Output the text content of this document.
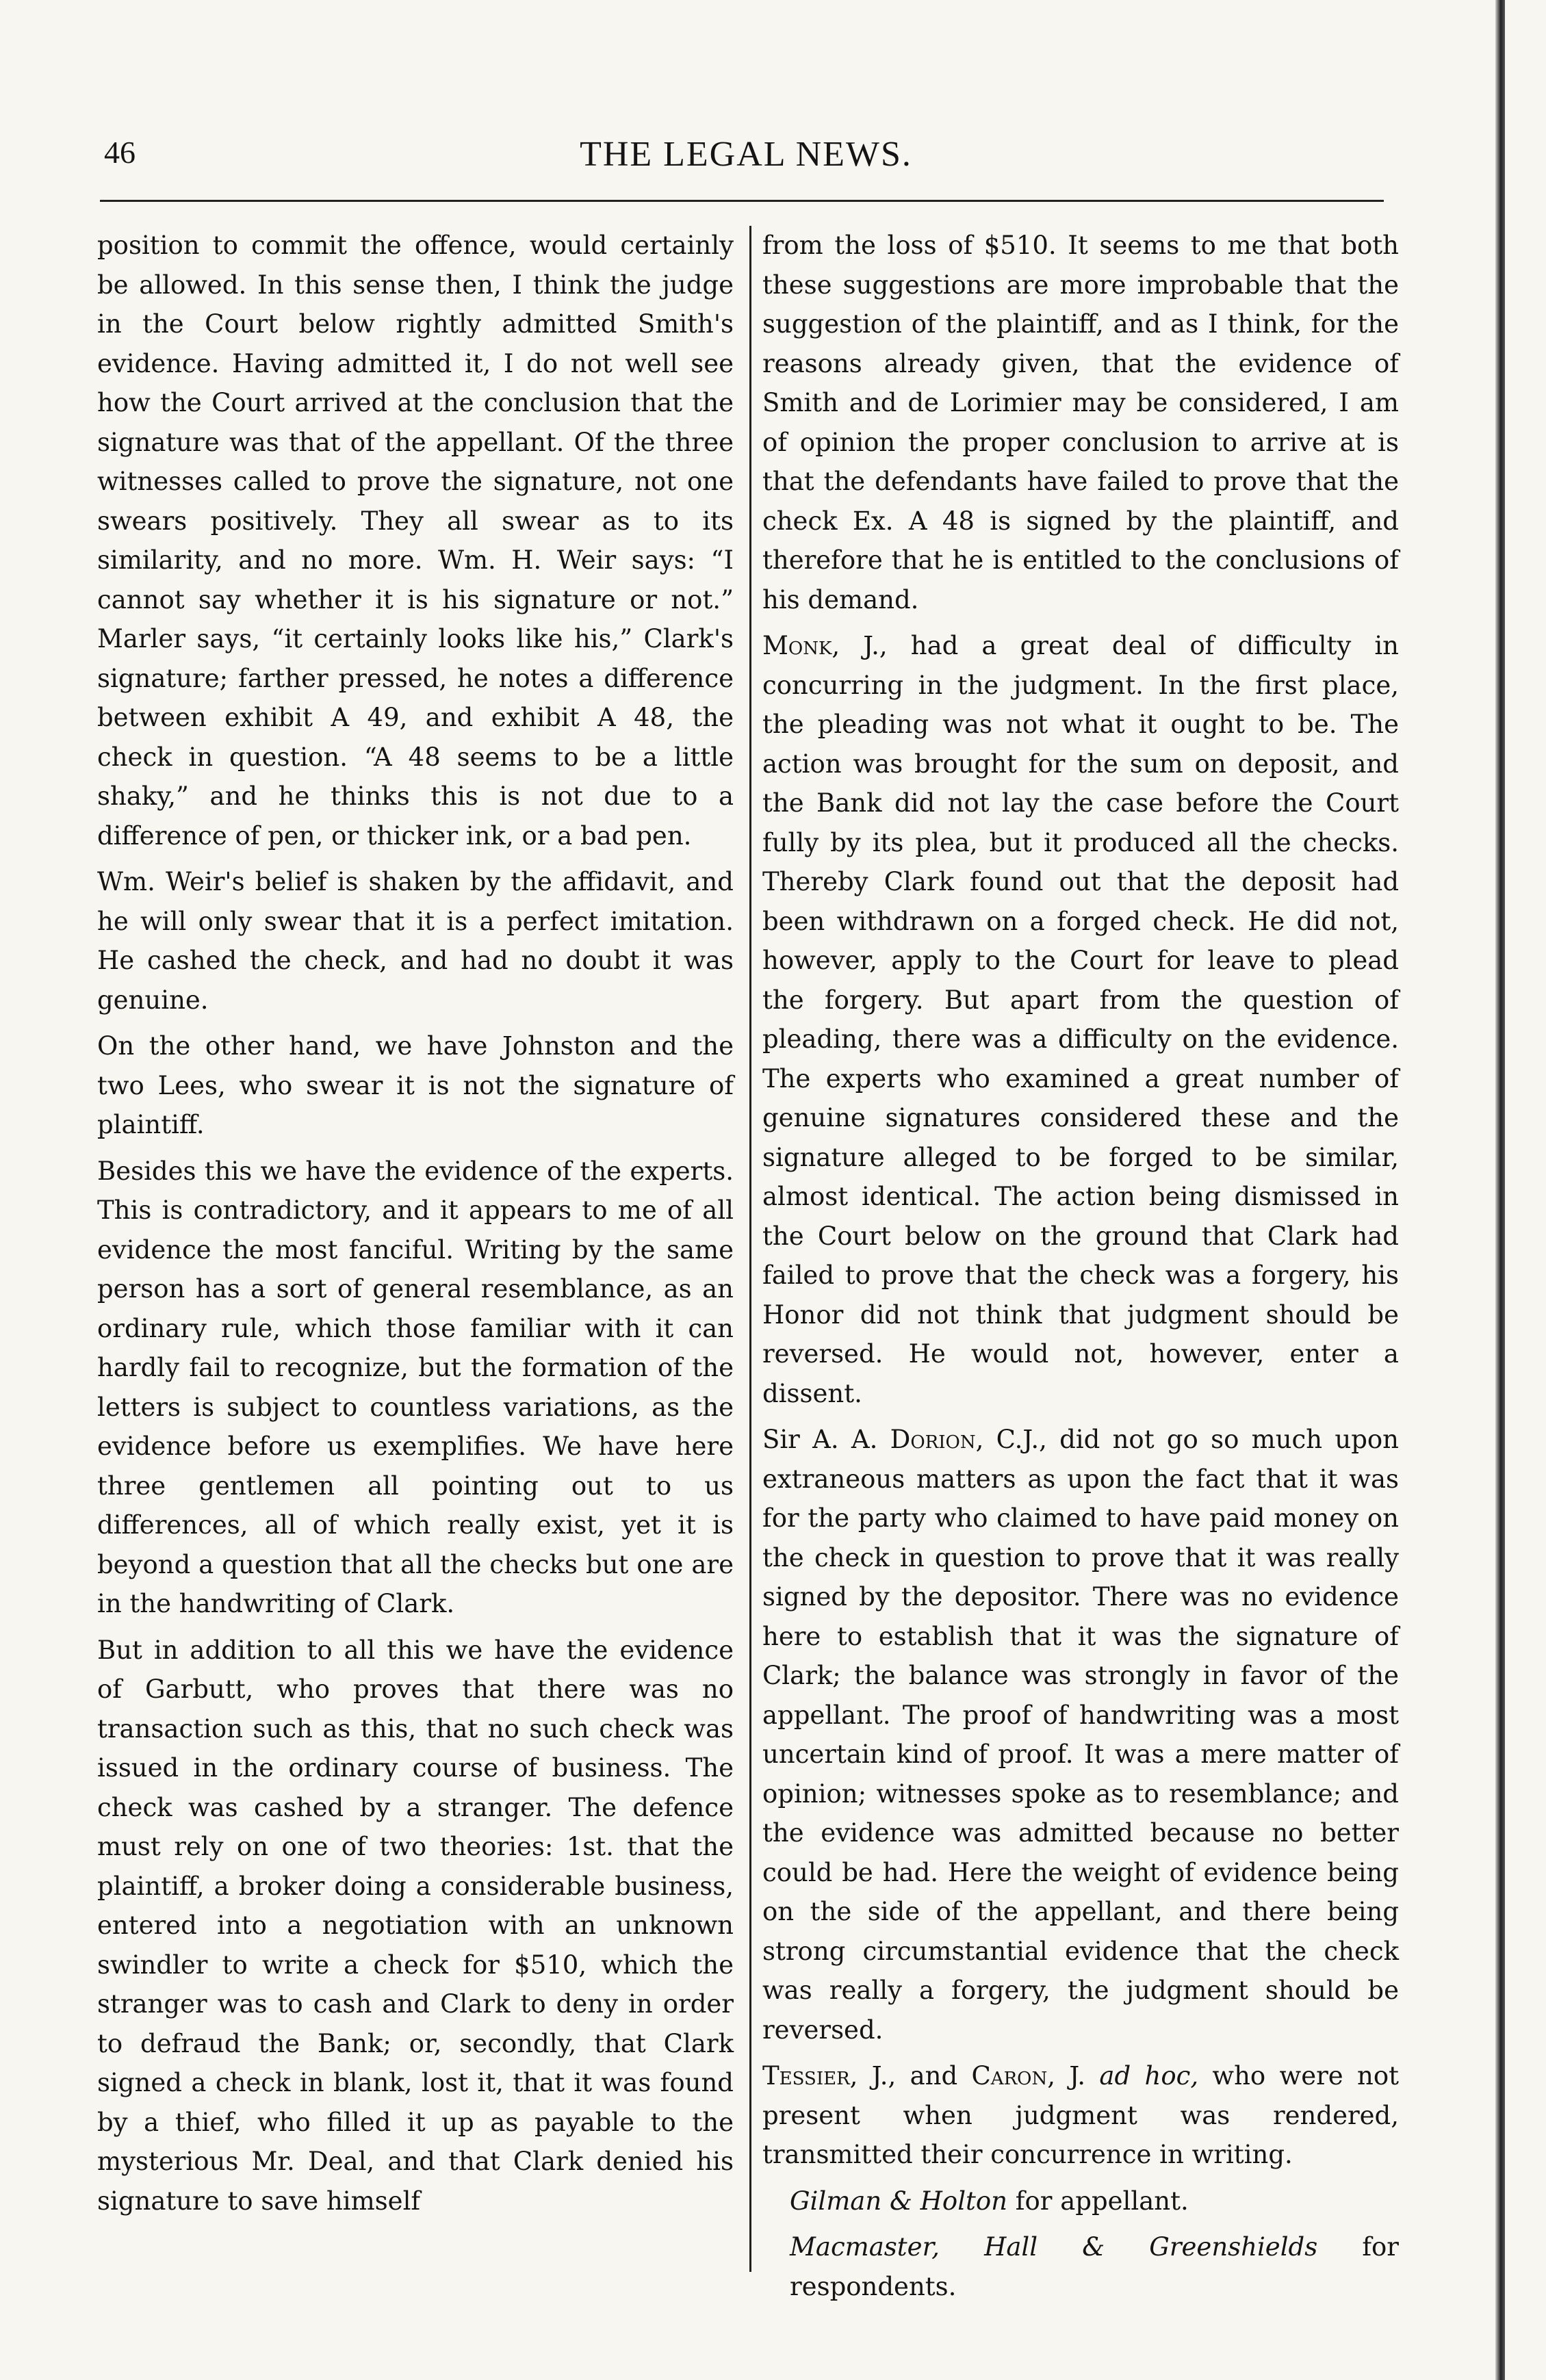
46	THE LEGAL NEWS.

position to commit the offence, would certainly be allowed. In this sense then, I think the judge in the Court below rightly admitted Smith's evidence. Having admitted it, I do not well see how the Court arrived at the conclusion that the signature was that of the appellant. Of the three witnesses called to prove the signature, not one swears positively. They all swear as to its similarity, and no more. Wm. H. Weir says: “I cannot say whether it is his signature or not.” Marler says, “it certainly looks like his,” Clark's signature; farther pressed, he notes a difference between exhibit A 49, and exhibit A 48, the check in question. “A 48 seems to be a little shaky,” and he thinks this is not due to a difference of pen, or thicker ink, or a bad pen.

Wm. Weir's belief is shaken by the affidavit, and he will only swear that it is a perfect imitation. He cashed the check, and had no doubt it was genuine.

On the other hand, we have Johnston and the two Lees, who swear it is not the signature of plaintiff.

Besides this we have the evidence of the experts. This is contradictory, and it appears to me of all evidence the most fanciful. Writing by the same person has a sort of general resemblance, as an ordinary rule, which those familiar with it can hardly fail to recognize, but the formation of the letters is subject to countless variations, as the evidence before us exemplifies. We have here three gentlemen all pointing out to us differences, all of which really exist, yet it is beyond a question that all the checks but one are in the handwriting of Clark.

But in addition to all this we have the evidence of Garbutt, who proves that there was no transaction such as this, that no such check was issued in the ordinary course of business. The check was cashed by a stranger. The defence must rely on one of two theories: 1st. that the plaintiff, a broker doing a considerable business, entered into a negotiation with an unknown swindler to write a check for $510, which the stranger was to cash and Clark to deny in order to defraud the Bank; or, secondly, that Clark signed a check in blank, lost it, that it was found by a thief, who filled it up as payable to the mysterious Mr. Deal, and that Clark denied his signature to save himself

from the loss of $510. It seems to me that both these suggestions are more improbable that the suggestion of the plaintiff, and as I think, for the reasons already given, that the evidence of Smith and de Lorimier may be considered, I am of opinion the proper conclusion to arrive at is that the defendants have failed to prove that the check Ex. A 48 is signed by the plaintiff, and therefore that he is entitled to the conclusions of his demand.

Monk, J., had a great deal of difficulty in concurring in the judgment. In the first place, the pleading was not what it ought to be. The action was brought for the sum on deposit, and the Bank did not lay the case before the Court fully by its plea, but it produced all the checks. Thereby Clark found out that the deposit had been withdrawn on a forged check. He did not, however, apply to the Court for leave to plead the forgery. But apart from the question of pleading, there was a difficulty on the evidence. The experts who examined a great number of genuine signatures considered these and the signature alleged to be forged to be similar, almost identical. The action being dismissed in the Court below on the ground that Clark had failed to prove that the check was a forgery, his Honor did not think that judgment should be reversed. He would not, however, enter a dissent.

Sir A. A. Dorion, C.J., did not go so much upon extraneous matters as upon the fact that it was for the party who claimed to have paid money on the check in question to prove that it was really signed by the depositor. There was no evidence here to establish that it was the signature of Clark; the balance was strongly in favor of the appellant. The proof of handwriting was a most uncertain kind of proof. It was a mere matter of opinion; witnesses spoke as to resemblance; and the evidence was admitted because no better could be had. Here the weight of evidence being on the side of the appellant, and there being strong circumstantial evidence that the check was really a forgery, the judgment should be reversed.

Tessier, J., and Caron, J. ad hoc, who were not present when judgment was rendered, transmitted their concurrence in writing.

Gilman & Holton for appellant.

Macmaster, Hall & Greenshields for respondents.
